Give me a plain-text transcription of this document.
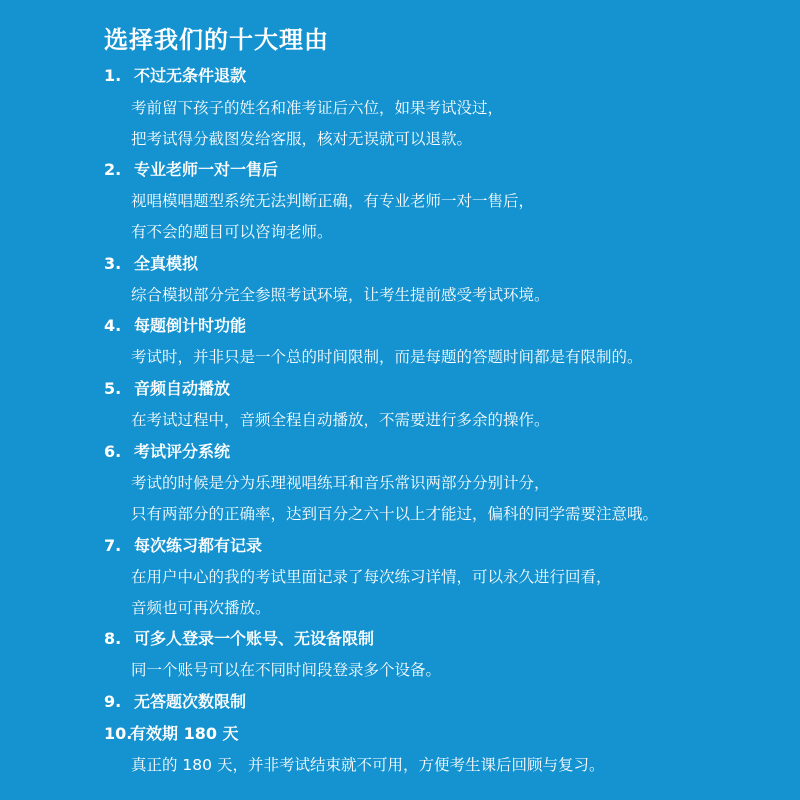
选择我们的十大理由
1. 不过无条件退款
考前留下孩子的姓名和准考证后六位，如果考试没过，
把考试得分截图发给客服，核对无误就可以退款。
2. 专业老师一对一售后
视唱模唱题型系统无法判断正确，有专业老师一对一售后，
有不会的题目可以咨询老师。
3. 全真模拟
综合模拟部分完全参照考试环境，让考生提前感受考试环境。
4. 每题倒计时功能
考试时，并非只是一个总的时间限制，而是每题的答题时间都是有限制的。
5. 音频自动播放
在考试过程中，音频全程自动播放，不需要进行多余的操作。
6. 考试评分系统
考试的时候是分为乐理视唱练耳和音乐常识两部分分别计分，
只有两部分的正确率，达到百分之六十以上才能过，偏科的同学需要注意哦。
7. 每次练习都有记录
在用户中心的我的考试里面记录了每次练习详情，可以永久进行回看，
音频也可再次播放。
8. 可多人登录一个账号、无设备限制
同一个账号可以在不同时间段登录多个设备。
9. 无答题次数限制
10.有效期 180 天
真正的 180 天，并非考试结束就不可用，方便考生课后回顾与复习。
